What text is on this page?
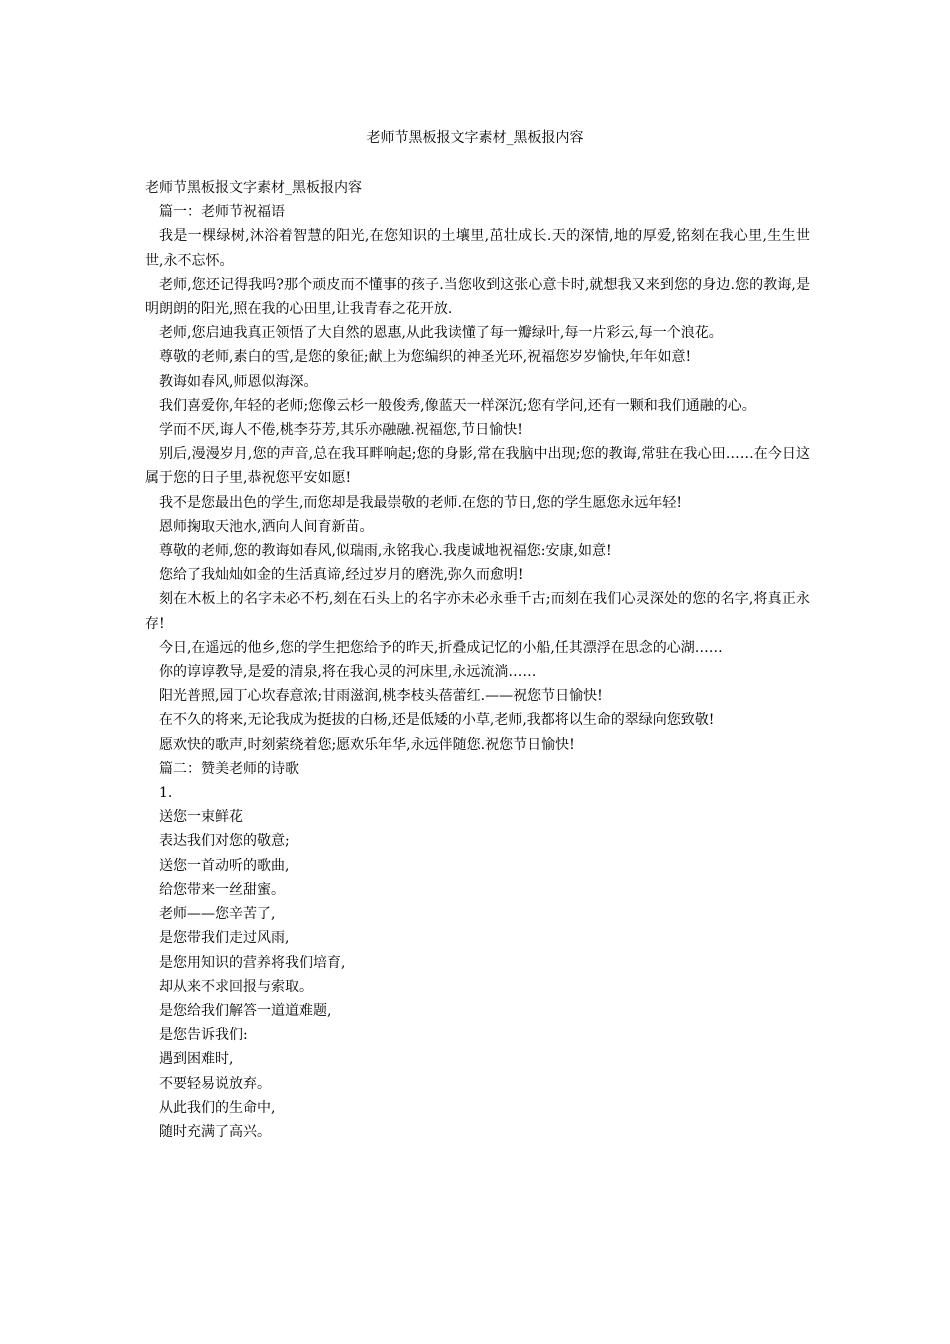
老师节黑板报文字素材_黑板报内容

老师节黑板报文字素材_黑板报内容

篇一：老师节祝福语

我是一棵绿树,沐浴着智慧的阳光,在您知识的土壤里,茁壮成长.天的深情,地的厚爱,铭刻在我心里,生生世世,永不忘怀。

老师,您还记得我吗?那个顽皮而不懂事的孩子.当您收到这张心意卡时,就想我又来到您的身边.您的教诲,是明朗朗的阳光,照在我的心田里,让我青春之花开放.

老师,您启迪我真正领悟了大自然的恩惠,从此我读懂了每一瓣绿叶,每一片彩云,每一个浪花。

尊敬的老师,素白的雪,是您的象征;献上为您编织的神圣光环,祝福您岁岁愉快,年年如意!

教诲如春风,师恩似海深。

我们喜爱你,年轻的老师;您像云杉一般俊秀,像蓝天一样深沉;您有学问,还有一颗和我们通融的心。

学而不厌,诲人不倦,桃李芬芳,其乐亦融融.祝福您,节日愉快!

别后,漫漫岁月,您的声音,总在我耳畔响起;您的身影,常在我脑中出现;您的教诲,常驻在我心田……在今日这属于您的日子里,恭祝您平安如愿!

我不是您最出色的学生,而您却是我最崇敬的老师.在您的节日,您的学生愿您永远年轻!

恩师掬取天池水,洒向人间育新苗。

尊敬的老师,您的教诲如春风,似瑞雨,永铭我心.我虔诚地祝福您:安康,如意!

您给了我灿灿如金的生活真谛,经过岁月的磨洗,弥久而愈明!

刻在木板上的名字未必不朽,刻在石头上的名字亦未必永垂千古;而刻在我们心灵深处的您的名字,将真正永存!

今日,在遥远的他乡,您的学生把您给予的昨天,折叠成记忆的小船,任其漂浮在思念的心湖……

你的谆谆教导,是爱的清泉,将在我心灵的河床里,永远流淌……

阳光普照,园丁心坎春意浓;甘雨滋润,桃李枝头蓓蕾红.——祝您节日愉快!

在不久的将来,无论我成为挺拔的白杨,还是低矮的小草,老师,我都将以生命的翠绿向您致敬!

愿欢快的歌声,时刻萦绕着您;愿欢乐年华,永远伴随您.祝您节日愉快!

篇二：赞美老师的诗歌

1.

送您一束鲜花

表达我们对您的敬意;

送您一首动听的歌曲,

给您带来一丝甜蜜。

老师——您辛苦了,

是您带我们走过风雨,

是您用知识的营养将我们培育,

却从来不求回报与索取。

是您给我们解答一道道难题,

是您告诉我们:

遇到困难时,

不要轻易说放弃。

从此我们的生命中,

随时充满了高兴。
